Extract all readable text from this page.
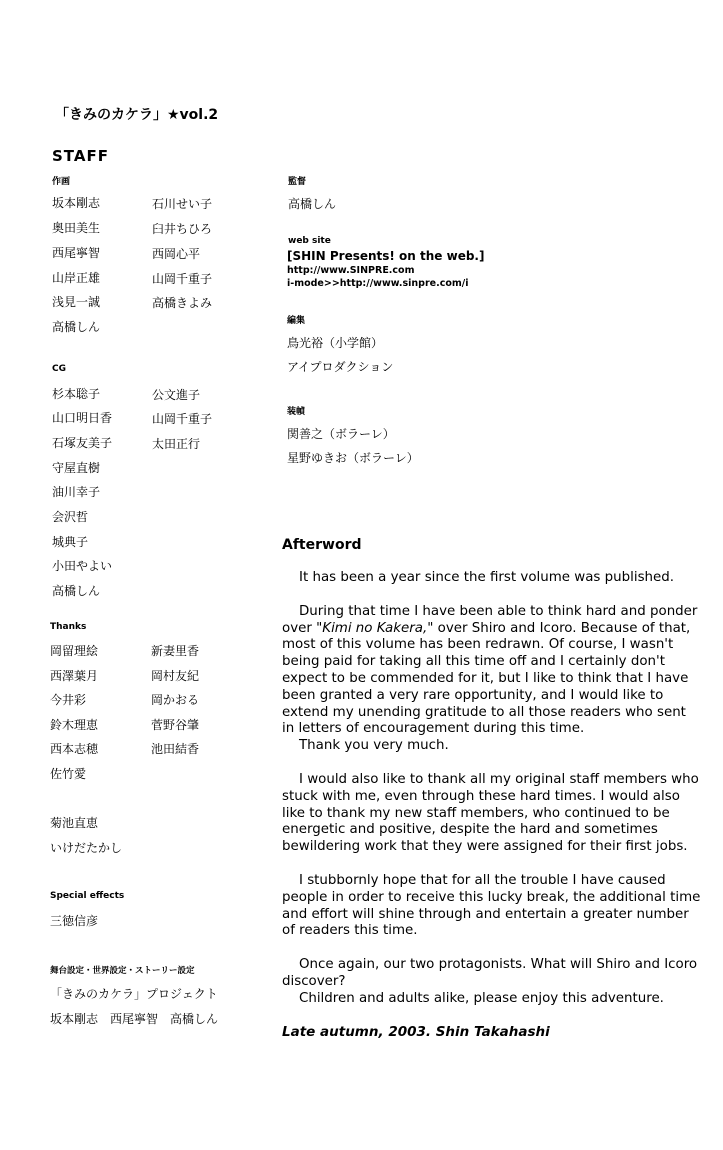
「きみのカケラ」★vol.2
STAFF
作画
坂本剛志
奥田美生
西尾寧智
山岸正雄
浅見一誠
高橋しん
石川せい子
臼井ちひろ
西岡心平
山岡千重子
高橋きよみ
CG
杉本聡子
山口明日香
石塚友美子
守屋直樹
油川幸子
会沢哲
城典子
小田やよい
高橋しん
公文進子
山岡千重子
太田正行
Thanks
岡留理絵
西澤葉月
今井彩
鈴木理恵
西本志穂
佐竹愛
新妻里香
岡村友紀
岡かおる
菅野谷肇
池田結香
菊池直恵
いけだたかし
Special effects
三徳信彦
舞台設定・世界設定・ストーリー設定
「きみのカケラ」プロジェクト
坂本剛志　西尾寧智　高橋しん
監督
高橋しん
web site
[SHIN Presents! on the web.]
http://www.SINPRE.com
i-mode>>http://www.sinpre.com/i
編集
鳥光裕（小学館）
アイプロダクション
装幀
関善之（ボラーレ）
星野ゆきお（ボラーレ）
Afterword

It has been a year since the first volume was published.

During that time I have been able to think hard and ponder over "Kimi no Kakera," over Shiro and Icoro. Because of that, most of this volume has been redrawn. Of course, I wasn't being paid for taking all this time off and I certainly don't expect to be commended for it, but I like to think that I have been granted a very rare opportunity, and I would like to extend my unending gratitude to all those readers who sent in letters of encouragement during this time.
Thank you very much.

I would also like to thank all my original staff members who stuck with me, even through these hard times. I would also like to thank my new staff members, who continued to be energetic and positive, despite the hard and sometimes bewildering work that they were assigned for their first jobs.

I stubbornly hope that for all the trouble I have caused people in order to receive this lucky break, the additional time and effort will shine through and entertain a greater number of readers this time.

Once again, our two protagonists. What will Shiro and Icoro discover?
Children and adults alike, please enjoy this adventure.

Late autumn, 2003. Shin Takahashi
